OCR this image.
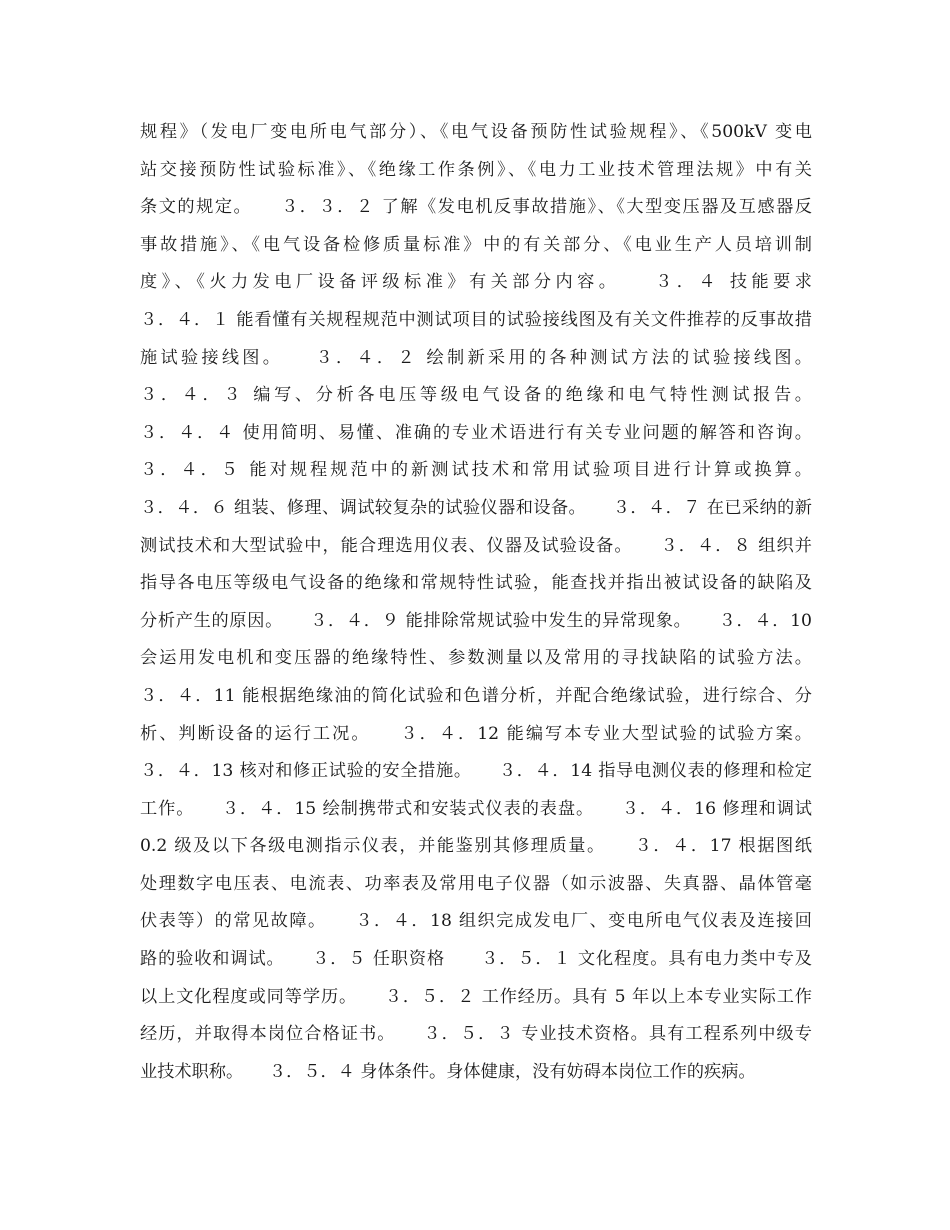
规程》（发电厂变电所电气部分）、《电气设备预防性试验规程》、《500kV 变电
站交接预防性试验标准》、《绝缘工作条例》、《电力工业技术管理法规》中有关
条文的规定。　　３．３．２ 了解《发电机反事故措施》、《大型变压器及互感器反
事故措施》、《电气设备检修质量标准》中的有关部分、《电业生产人员培训制
度》、《火力发电厂设备评级标准》有关部分内容。　　３．４ 技能要求
３．４．１ 能看懂有关规程规范中测试项目的试验接线图及有关文件推荐的反事故措
施试验接线图。　　３．４．２ 绘制新采用的各种测试方法的试验接线图。
３．４．３ 编写、分析各电压等级电气设备的绝缘和电气特性测试报告。
３．４．４ 使用简明、易懂、准确的专业术语进行有关专业问题的解答和咨询。
３．４．５ 能对规程规范中的新测试技术和常用试验项目进行计算或换算。
３．４．６ 组装、修理、调试较复杂的试验仪器和设备。　　３．４．７ 在已采纳的新
测试技术和大型试验中，能合理选用仪表、仪器及试验设备。　　３．４．８ 组织并
指导各电压等级电气设备的绝缘和常规特性试验，能查找并指出被试设备的缺陷及
分析产生的原因。　　３．４．９ 能排除常规试验中发生的异常现象。　　３．４．10
会运用发电机和变压器的绝缘特性、参数测量以及常用的寻找缺陷的试验方法。
３．４．11 能根据绝缘油的简化试验和色谱分析，并配合绝缘试验，进行综合、分
析、判断设备的运行工况。　　３．４．12 能编写本专业大型试验的试验方案。
３．４．13 核对和修正试验的安全措施。　　３．４．14 指导电测仪表的修理和检定
工作。　　３．４．15 绘制携带式和安装式仪表的表盘。　　３．４．16 修理和调试
0.2 级及以下各级电测指示仪表，并能鉴别其修理质量。　　３．４．17 根据图纸
处理数字电压表、电流表、功率表及常用电子仪器（如示波器、失真器、晶体管毫
伏表等）的常见故障。　　３．４．18 组织完成发电厂、变电所电气仪表及连接回
路的验收和调试。　　３．５ 任职资格　　３．５．１ 文化程度。具有电力类中专及
以上文化程度或同等学历。　　３．５．２ 工作经历。具有 5 年以上本专业实际工作
经历，并取得本岗位合格证书。　　３．５．３ 专业技术资格。具有工程系列中级专
业技术职称。　　３．５．４ 身体条件。身体健康，没有妨碍本岗位工作的疾病。
